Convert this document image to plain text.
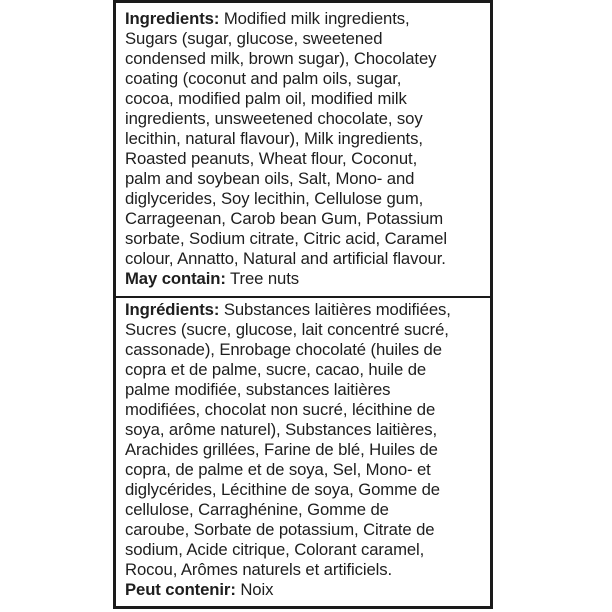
Ingredients: Modified milk ingredients,
Sugars (sugar, glucose, sweetened
condensed milk, brown sugar), Chocolatey
coating (coconut and palm oils, sugar,
cocoa, modified palm oil, modified milk
ingredients, unsweetened chocolate, soy
lecithin, natural flavour), Milk ingredients,
Roasted peanuts, Wheat flour, Coconut,
palm and soybean oils, Salt, Mono- and
diglycerides, Soy lecithin, Cellulose gum,
Carrageenan, Carob bean Gum, Potassium
sorbate, Sodium citrate, Citric acid, Caramel
colour, Annatto, Natural and artificial flavour.
May contain: Tree nuts
Ingrédients: Substances laitières modifiées,
Sucres (sucre, glucose, lait concentré sucré,
cassonade), Enrobage chocolaté (huiles de
copra et de palme, sucre, cacao, huile de
palme modifiée, substances laitières
modifiées, chocolat non sucré, lécithine de
soya, arôme naturel), Substances laitières,
Arachides grillées, Farine de blé, Huiles de
copra, de palme et de soya, Sel, Mono- et
diglycérides, Lécithine de soya, Gomme de
cellulose, Carraghénine, Gomme de
caroube, Sorbate de potassium, Citrate de
sodium, Acide citrique, Colorant caramel,
Rocou, Arômes naturels et artificiels.
Peut contenir: Noix
